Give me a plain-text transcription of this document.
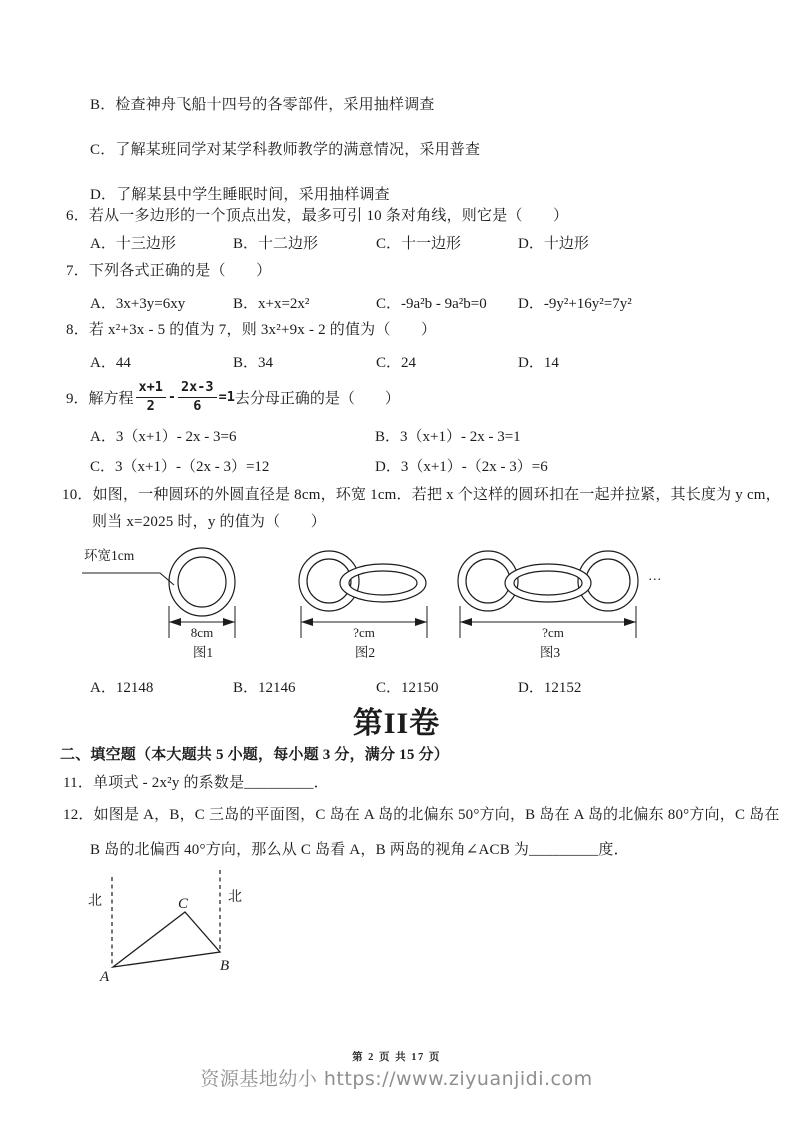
B．检查神舟飞船十四号的各零部件，采用抽样调查
C．了解某班同学对某学科教师教学的满意情况，采用普查
D．了解某县中学生睡眠时间，采用抽样调查
6．若从一多边形的一个顶点出发，最多可引 10 条对角线，则它是（　　）
A．十三边形	B．十二边形	C．十一边形	D．十边形
7．下列各式正确的是（　　）
A．3x+3y=6xy	B．x+x=2x²	C．-9a²b - 9a²b=0 D．-9y²+16y²=7y²
8．若 x²+3x - 5 的值为 7，则 3x²+9x - 2 的值为（　　）
A．44	B．34	C．24	D．14
9．解方程 $\frac{x+1}{2} - \frac{2x-3}{6} =1$ 去分母正确的是（　　）
A．3（x+1）- 2x - 3=6	B．3（x+1）- 2x - 3=1
C．3（x+1）-（2x - 3）=12	D．3（x+1）-（2x - 3）=6
10．如图，一种圆环的外圆直径是 8cm，环宽 1cm．若把 x 个这样的圆环扣在一起并拉紧，其长度为 y cm，
则当 x=2025 时，y 的值为（　　）
环宽1cm
8cm
图1
?cm
图2
?cm
图3
···
A．12148	B．12146	C．12150	D．12152
第II卷
二、填空题（本大题共 5 小题，每小题 3 分，满分 15 分）
11．单项式 - 2x²y 的系数是_________．
12．如图是 A，B，C 三岛的平面图，C 岛在 A 岛的北偏东 50°方向，B 岛在 A 岛的北偏东 80°方向，C 岛在
B 岛的北偏西 40°方向，那么从 C 岛看 A，B 两岛的视角∠ACB 为_________度．
北	北
A
B
C
第 2 页 共 17 页
资源基地幼小 https://www.ziyuanjidi.com
